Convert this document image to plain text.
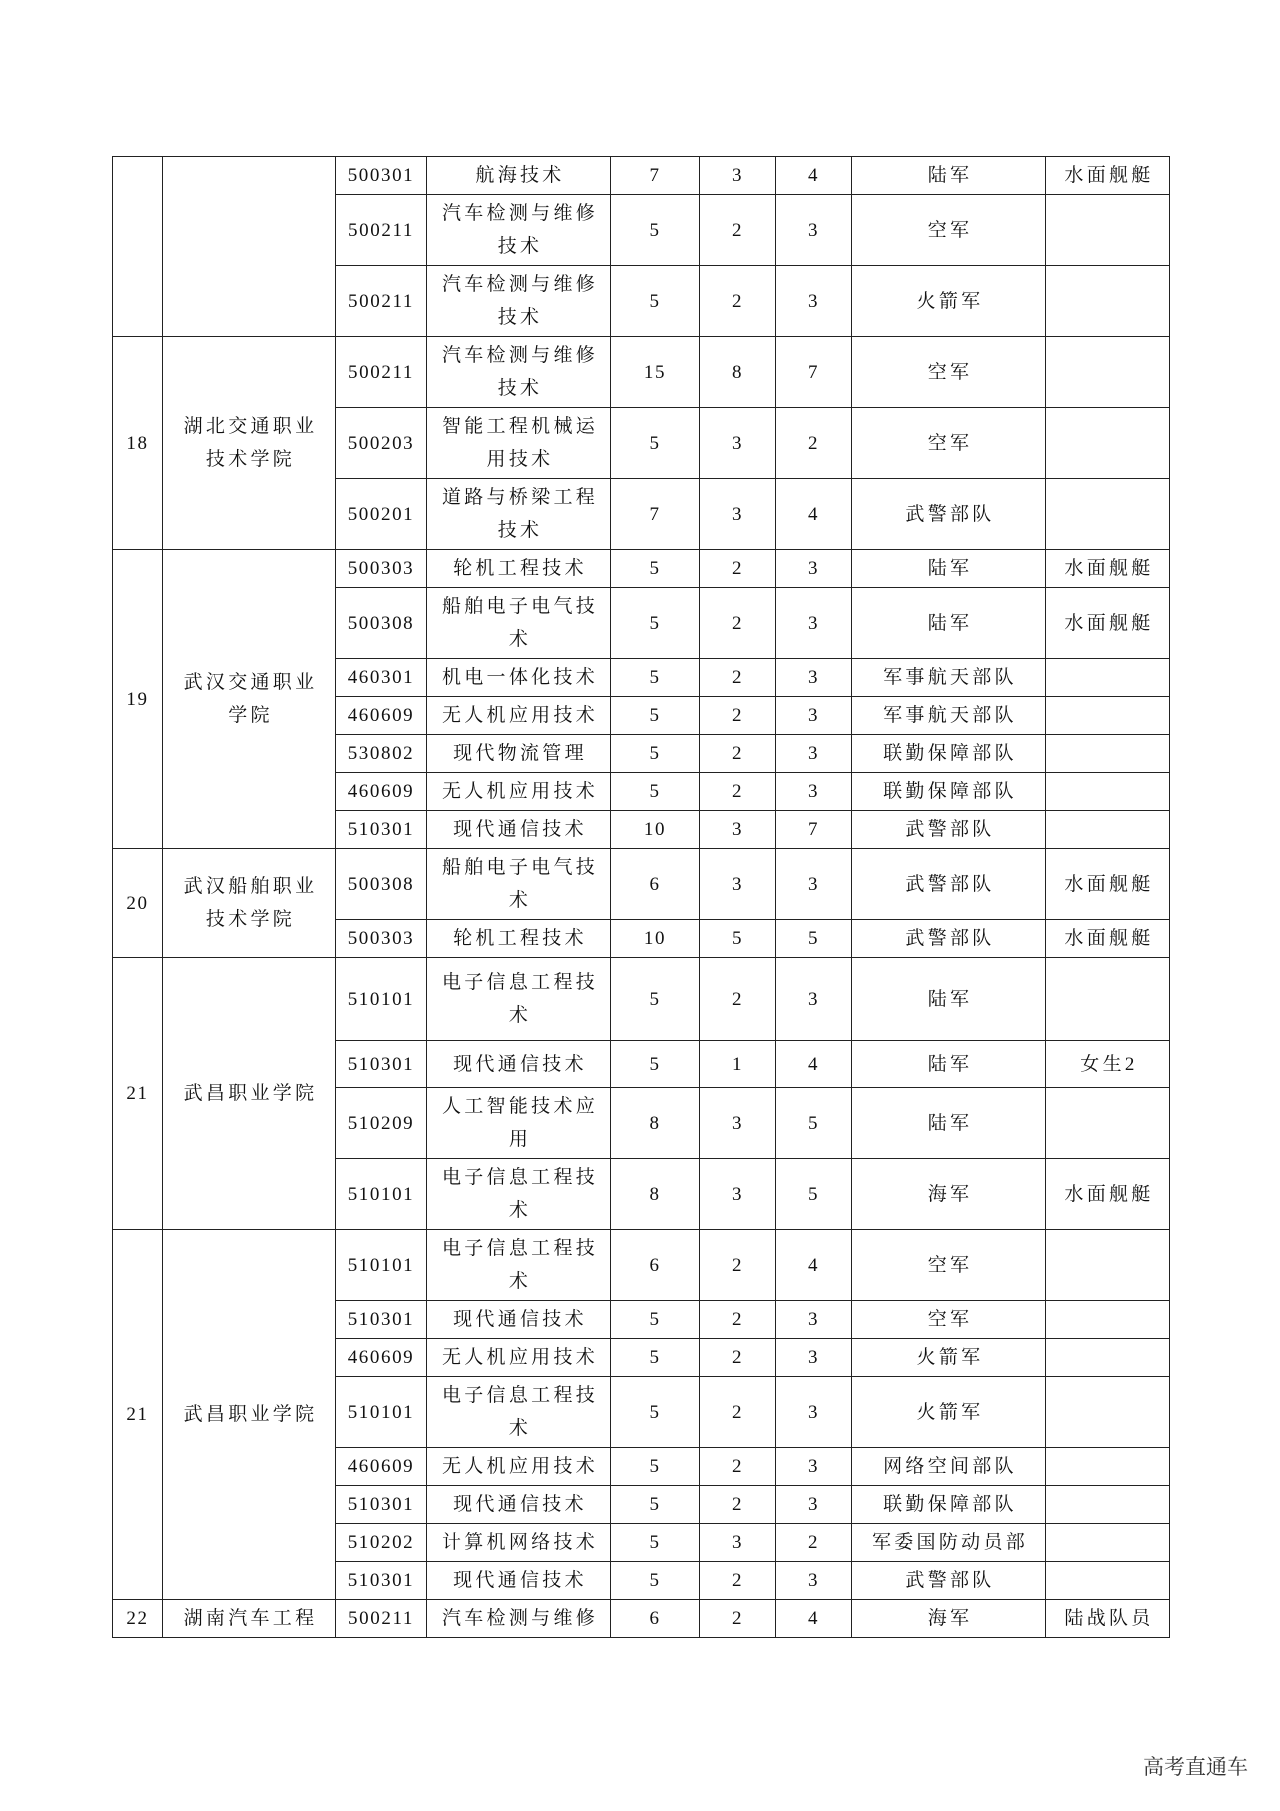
		500301	航海技术	7	3	4	陆军	水面舰艇
		500211	汽车检测与维修
技术	5	2	3	空军	
		500211	汽车检测与维修
技术	5	2	3	火箭军	
18	湖北交通职业
技术学院	500211	汽车检测与维修
技术	15	8	7	空军	
		500203	智能工程机械运
用技术	5	3	2	空军	
		500201	道路与桥梁工程
技术	7	3	4	武警部队	
19	武汉交通职业
学院	500303	轮机工程技术	5	2	3	陆军	水面舰艇
		500308	船舶电子电气技
术	5	2	3	陆军	水面舰艇
		460301	机电一体化技术	5	2	3	军事航天部队	
		460609	无人机应用技术	5	2	3	军事航天部队	
		530802	现代物流管理	5	2	3	联勤保障部队	
		460609	无人机应用技术	5	2	3	联勤保障部队	
		510301	现代通信技术	10	3	7	武警部队	
20	武汉船舶职业
技术学院	500308	船舶电子电气技
术	6	3	3	武警部队	水面舰艇
		500303	轮机工程技术	10	5	5	武警部队	水面舰艇
21	武昌职业学院	510101	电子信息工程技
术	5	2	3	陆军	
		510301	现代通信技术	5	1	4	陆军	女生2
		510209	人工智能技术应
用	8	3	5	陆军	
		510101	电子信息工程技
术	8	3	5	海军	水面舰艇
21	武昌职业学院	510101	电子信息工程技
术	6	2	4	空军	
		510301	现代通信技术	5	2	3	空军	
		460609	无人机应用技术	5	2	3	火箭军	
		510101	电子信息工程技
术	5	2	3	火箭军	
		460609	无人机应用技术	5	2	3	网络空间部队	
		510301	现代通信技术	5	2	3	联勤保障部队	
		510202	计算机网络技术	5	3	2	军委国防动员部	
		510301	现代通信技术	5	2	3	武警部队	
22	湖南汽车工程	500211	汽车检测与维修	6	2	4	海军	陆战队员
高考直通车
